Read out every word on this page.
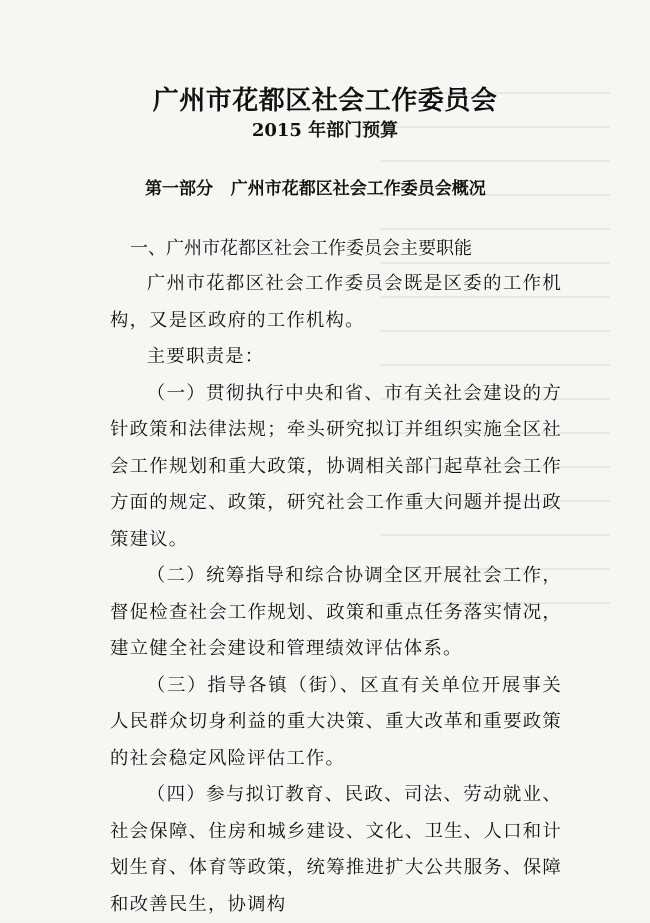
广州市花都区社会工作委员会
2015 年部门预算
第一部分   广州市花都区社会工作委员会概况
一、广州市花都区社会工作委员会主要职能

广州市花都区社会工作委员会既是区委的工作机构，又是区政府的工作机构。

主要职责是：

（一）贯彻执行中央和省、市有关社会建设的方针政策和法律法规；牵头研究拟订并组织实施全区社会工作规划和重大政策，协调相关部门起草社会工作方面的规定、政策，研究社会工作重大问题并提出政策建议。

（二）统筹指导和综合协调全区开展社会工作，督促检查社会工作规划、政策和重点任务落实情况，建立健全社会建设和管理绩效评估体系。

（三）指导各镇（街）、区直有关单位开展事关人民群众切身利益的重大决策、重大改革和重要政策的社会稳定风险评估工作。

（四）参与拟订教育、民政、司法、劳动就业、社会保障、住房和城乡建设、文化、卫生、人口和计划生育、体育等政策，统筹推进扩大公共服务、保障和改善民生，协调构
